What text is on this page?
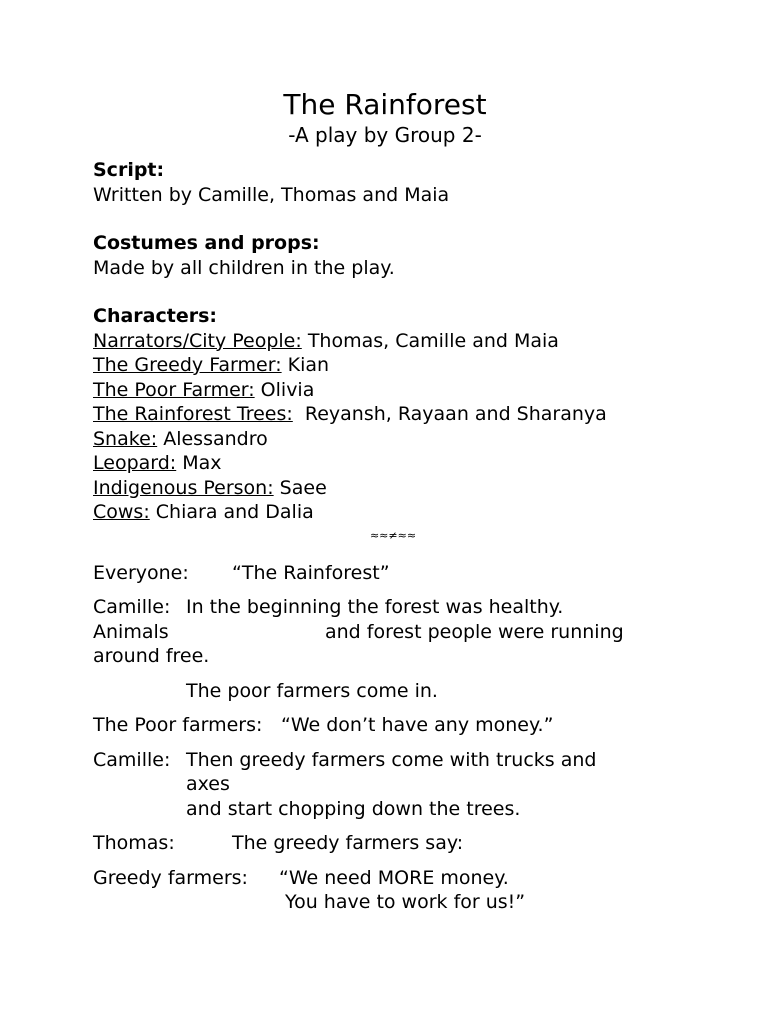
The Rainforest
-A play by Group 2-
Script:
Written by Camille, Thomas and Maia
Costumes and props:
Made by all children in the play.
Characters:
Narrators/City People: Thomas, Camille and Maia
The Greedy Farmer: Kian
The Poor Farmer: Olivia
The Rainforest Trees:  Reyansh, Rayaan and Sharanya
Snake: Alessandro
Leopard: Max
Indigenous Person: Saee
Cows: Chiara and Dalia
≈≈≠≈≈
Everyone: “The Rainforest”
Camille: In the beginning the forest was healthy.
Animals	and forest people were running
around free.
The poor farmers come in.
The Poor farmers: “We don’t have any money.”
Camille: Then greedy farmers come with trucks and
axes
and start chopping down the trees.
Thomas:	The greedy farmers say:
Greedy farmers: “We need MORE money.
You have to work for us!”
